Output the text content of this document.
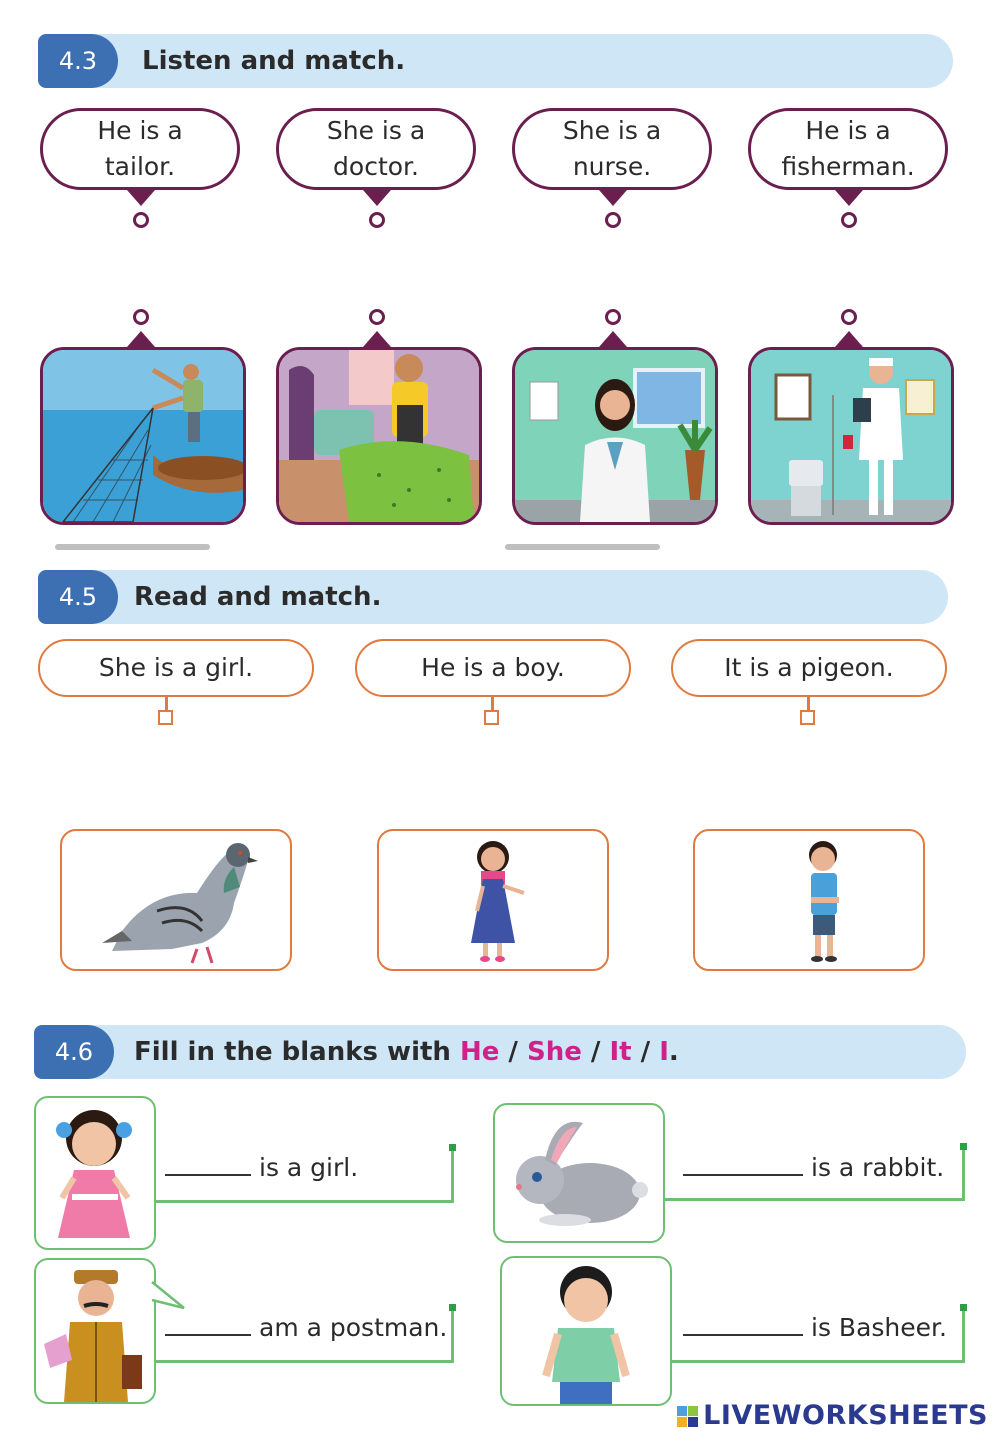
4.3	Listen and match.
He is a
tailor.
She is a
doctor.
She is a
nurse.
He is a
fisherman.
4.5	Read and match.
She is a girl.	He is a boy.	It is a pigeon.
4.6	Fill in the blanks with He / She / It / I.
is a girl.	is a rabbit.
am a postman.	is Basheer.
LIVEWORKSHEETS
